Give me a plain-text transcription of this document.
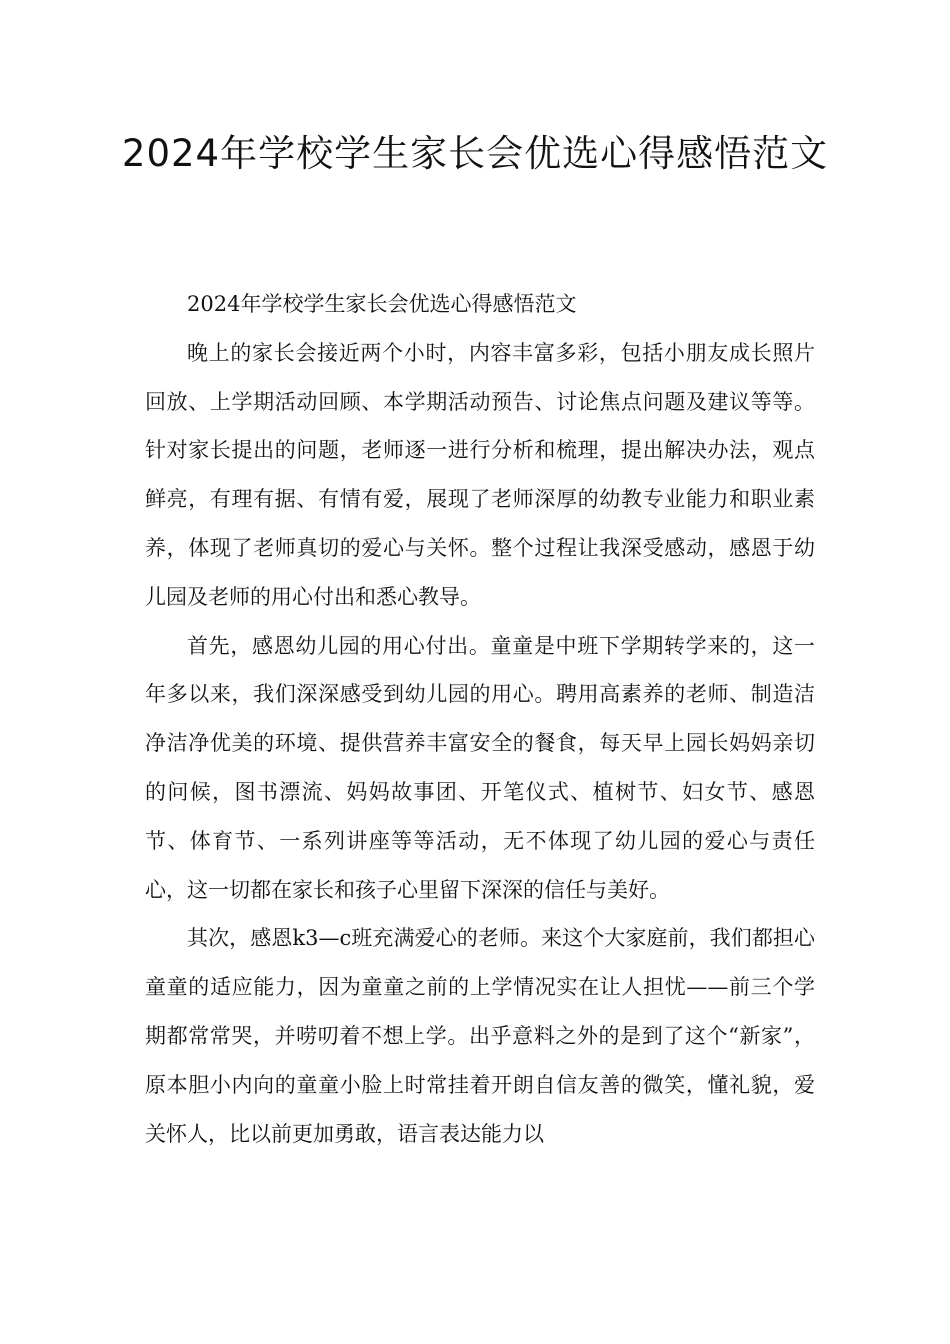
2024年学校学生家长会优选心得感悟范文

2024年学校学生家长会优选心得感悟范文

晚上的家长会接近两个小时，内容丰富多彩，包括小朋友成长照片回放、上学期活动回顾、本学期活动预告、讨论焦点问题及建议等等。针对家长提出的问题，老师逐一进行分析和梳理，提出解决办法，观点鲜亮，有理有据、有情有爱，展现了老师深厚的幼教专业能力和职业素养，体现了老师真切的爱心与关怀。整个过程让我深受感动，感恩于幼儿园及老师的用心付出和悉心教导。

首先，感恩幼儿园的用心付出。童童是中班下学期转学来的，这一年多以来，我们深深感受到幼儿园的用心。聘用高素养的老师、制造洁净洁净优美的环境、提供营养丰富安全的餐食，每天早上园长妈妈亲切的问候，图书漂流、妈妈故事团、开笔仪式、植树节、妇女节、感恩节、体育节、一系列讲座等等活动，无不体现了幼儿园的爱心与责任心，这一切都在家长和孩子心里留下深深的信任与美好。

其次，感恩k3—c班充满爱心的老师。来这个大家庭前，我们都担心童童的适应能力，因为童童之前的上学情况实在让人担忧——前三个学期都常常哭，并唠叨着不想上学。出乎意料之外的是到了这个“新家”，原本胆小内向的童童小脸上时常挂着开朗自信友善的微笑，懂礼貌，爱关怀人，比以前更加勇敢，语言表达能力以
